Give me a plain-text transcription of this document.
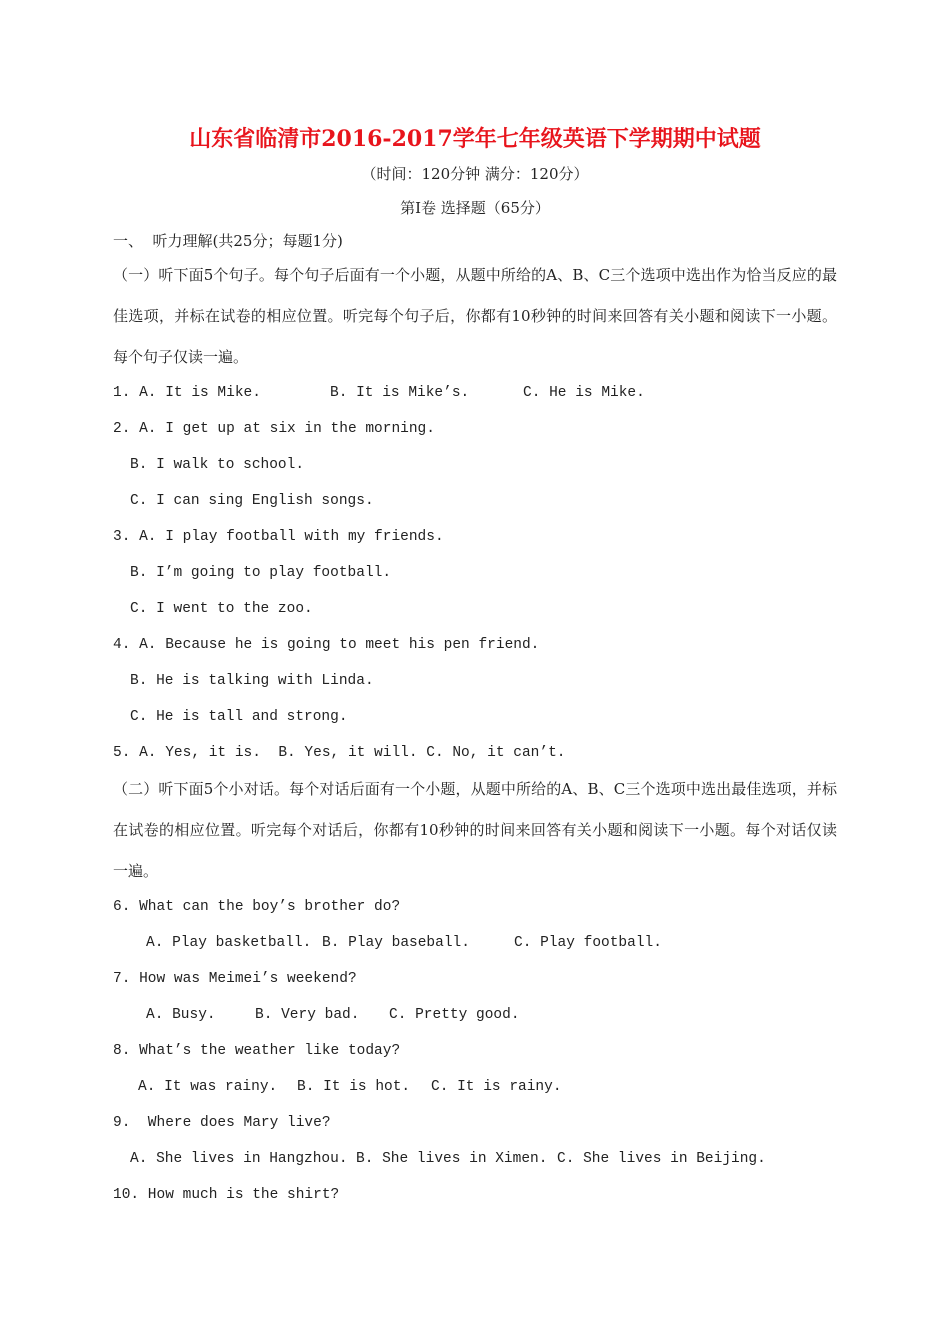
山东省临清市2016-2017学年七年级英语下学期期中试题
（时间：120分钟 满分：120分）
第Ⅰ卷 选择题（65分）
一、  听力理解(共25分；每题1分)
（一）听下面5个句子。每个句子后面有一个小题，从题中所给的A、B、C三个选项中选出作为恰当反应的最佳选项，并标在试卷的相应位置。听完每个句子后，你都有10秒钟的时间来回答有关小题和阅读下一小题。每个句子仅读一遍。
1. A. It is Mike.	B. It is Mike’s.	C. He is Mike.
2. A. I get up at six in the morning.
B. I walk to school.
C. I can sing English songs.
3. A. I play football with my friends.
B. I’m going to play football.
C. I went to the zoo.
4. A. Because he is going to meet his pen friend.
B. He is talking with Linda.
C. He is tall and strong.
5. A. Yes, it is.  B. Yes, it will. C. No, it can’t.
（二）听下面5个小对话。每个对话后面有一个小题，从题中所给的A、B、C三个选项中选出最佳选项，并标在试卷的相应位置。听完每个对话后，你都有10秒钟的时间来回答有关小题和阅读下一小题。每个对话仅读一遍。
6. What can the boy’s brother do?
A. Play basketball. B. Play baseball.	C. Play football.
7. How was Meimei’s weekend?
A. Busy.	B. Very bad. C. Pretty good.
8. What’s the weather like today?
A. It was rainy. B. It is hot. C. It is rainy.
9.  Where does Mary live?
A. She lives in Hangzhou. B. She lives in Ximen. C. She lives in Beijing.
10. How much is the shirt?
